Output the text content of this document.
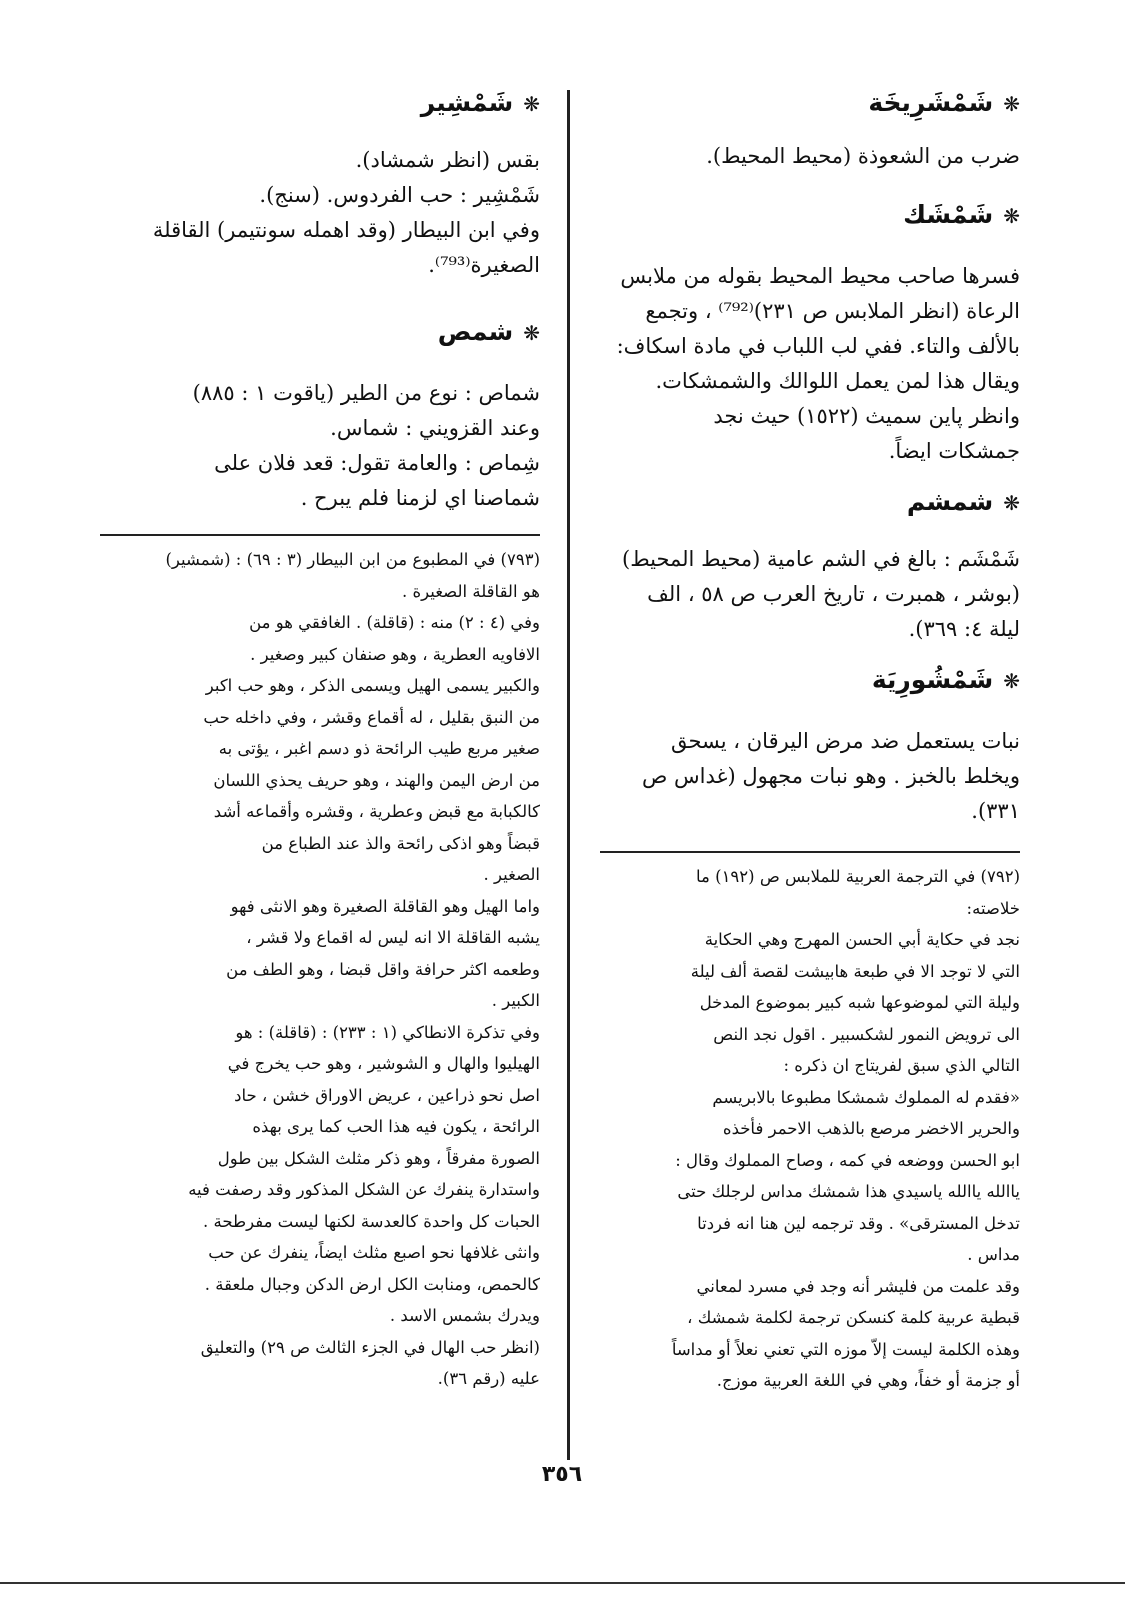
❋شَمْشَرِيخَة

ضرب من الشعوذة (محيط المحيط).

❋شَمْشَك

فسرها صاحب محيط المحيط بقوله من ملابس

الرعاة (انظر الملابس ص ٢٣١)⁽⁷⁹²⁾ ، وتجمع

بالألف والتاء. ففي لب اللباب في مادة اسكاف:

ويقال هذا لمن يعمل اللوالك والشمشكات.

وانظر پاين سميث (١٥٢٢) حيث نجد

جمشكات ايضاً.

❋شمشم

شَمْشَم : بالغ في الشم عامية (محيط المحيط)

(بوشر ، همبرت ، تاريخ العرب ص ٥٨ ، الف

ليلة ٤: ٣٦٩).

❋شَمْشُورِيَة

نبات يستعمل ضد مرض اليرقان ، يسحق

ويخلط بالخبز . وهو نبات مجهول (غداس ص

٣٣١).

(٧٩٢) في الترجمة العربية للملابس ص (١٩٢) ما

خلاصته:

نجد في حكاية أبي الحسن المهرج وهي الحكاية

التي لا توجد الا في طبعة هابيشت لقصة ألف ليلة

وليلة التي لموضوعها شبه كبير بموضوع المدخل

الى ترويض النمور لشكسبير . اقول نجد النص

التالي الذي سبق لفريتاج ان ذكره :

«فقدم له المملوك شمشكا مطبوعا بالابريسم

والحرير الاخضر مرصع بالذهب الاحمر فأخذه

ابو الحسن ووضعه في كمه ، وصاح المملوك وقال :

ياالله ياالله ياسيدي هذا شمشك مداس لرجلك حتى

تدخل المسترقى» . وقد ترجمه لين هنا انه فردتا

مداس .

وقد علمت من فليشر أنه وجد في مسرد لمعاني

قبطية عربية كلمة كنسكن ترجمة لكلمة شمشك ،

وهذه الكلمة ليست إلاّ موزه التي تعني نعلاً أو مداساً

أو جزمة أو خفاً، وهي في اللغة العربية موزج.

❋شَمْشِير

بقس (انظر شمشاد).

شَمْشِير : حب الفردوس. (سنج).

وفي ابن البيطار (وقد اهمله سونتيمر) القاقلة

الصغيرة⁽⁷⁹³⁾.

❋شمص

شماص : نوع من الطير (ياقوت ١ : ٨٨٥)

وعند القزويني : شماس.

شِماص : والعامة تقول: قعد فلان على

شماصنا اي لزمنا فلم يبرح .

(٧٩٣) في المطبوع من ابن البيطار (٣ : ٦٩) : (شمشير)

هو القاقلة الصغيرة .

وفي (٤ : ٢) منه : (قاقلة) . الغافقي هو من

الافاويه العطرية ، وهو صنفان كبير وصغير .

والكبير يسمى الهيل ويسمى الذكر ، وهو حب اكبر

من النبق بقليل ، له أقماع وقشر ، وفي داخله حب

صغير مربع طيب الرائحة ذو دسم اغبر ، يؤتى به

من ارض اليمن والهند ، وهو حريف يحذي اللسان

كالكبابة مع قبض وعطرية ، وقشره وأقماعه أشد

قبضاً وهو اذكى رائحة والذ عند الطباع من

الصغير .

واما الهيل وهو القاقلة الصغيرة وهو الانثى فهو

يشبه القاقلة الا انه ليس له اقماع ولا قشر ،

وطعمه اكثر حرافة واقل قبضا ، وهو الطف من

الكبير .

وفي تذكرة الانطاكي (١ : ٢٣٣) : (قاقلة) : هو

الهيليوا والهال و الشوشير ، وهو حب يخرج في

اصل نحو ذراعين ، عريض الاوراق خشن ، حاد

الرائحة ، يكون فيه هذا الحب كما يرى بهذه

الصورة مفرقاً ، وهو ذكر مثلث الشكل بين طول

واستدارة ينفرك عن الشكل المذكور وقد رصفت فيه

الحبات كل واحدة كالعدسة لكنها ليست مفرطحة .

وانثى غلافها نحو اصبع مثلث ايضاً، ينفرك عن حب

كالحمص، ومنابت الكل ارض الدكن وجبال ملعقة .

ويدرك بشمس الاسد .

(انظر حب الهال في الجزء الثالث ص ٢٩) والتعليق

عليه (رقم ٣٦).

٣٥٦
